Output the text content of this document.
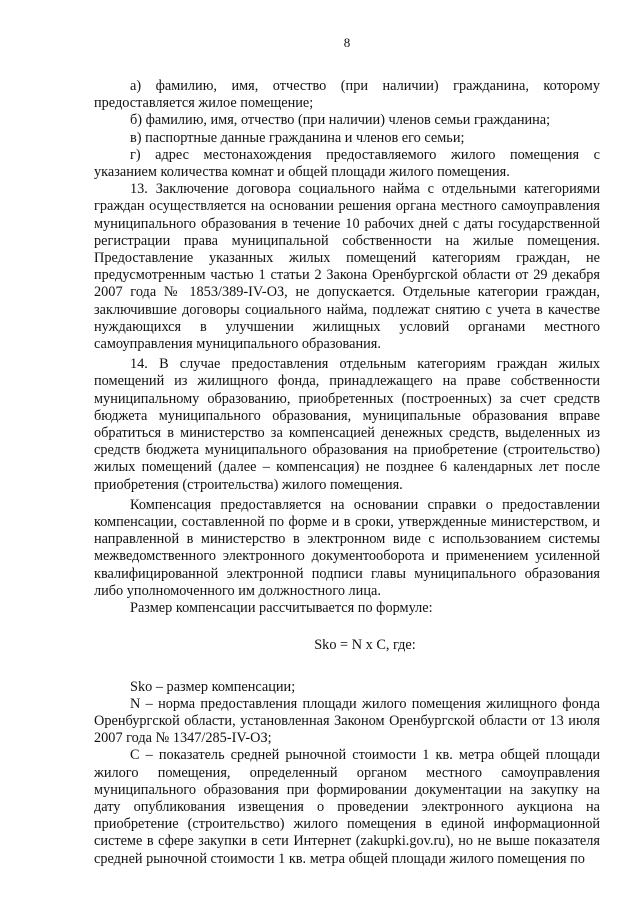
8

а) фамилию, имя, отчество (при наличии) гражданина, которому предоставляется жилое помещение;

б) фамилию, имя, отчество (при наличии) членов семьи гражданина;

в) паспортные данные гражданина и членов его семьи;

г) адрес местонахождения предоставляемого жилого помещения с указанием количества комнат и общей площади жилого помещения.

13. Заключение договора социального найма с отдельными категориями граждан осуществляется на основании решения органа местного самоуправления муниципального образования в течение 10 рабочих дней с даты государственной регистрации права муниципальной собственности на жилые помещения. Предоставление указанных жилых помещений категориям граждан, не предусмотренным частью 1 статьи 2 Закона Оренбургской области от 29 декабря 2007 года № 1853/389-IV-ОЗ, не допускается. Отдельные категории граждан, заключившие договоры социального найма, подлежат снятию с учета в качестве нуждающихся в улучшении жилищных условий органами местного самоуправления муниципального образования.

14. В случае предоставления отдельным категориям граждан жилых помещений из жилищного фонда, принадлежащего на праве собственности муниципальному образованию, приобретенных (построенных) за счет средств бюджета муниципального образования, муниципальные образования вправе обратиться в министерство за компенсацией денежных средств, выделенных из средств бюджета муниципального образования на приобретение (строительство) жилых помещений (далее – компенсация) не позднее 6 календарных лет после приобретения (строительства) жилого помещения.

Компенсация предоставляется на основании справки о предоставлении компенсации, составленной по форме и в сроки, утвержденные министерством, и направленной в министерство в электронном виде с использованием системы межведомственного электронного документооборота и применением усиленной квалифицированной электронной подписи главы муниципального образования либо уполномоченного им должностного лица.

Размер компенсации рассчитывается по формуле:

Sko = N x C, где:

Sko – размер компенсации;

N – норма предоставления площади жилого помещения жилищного фонда Оренбургской области, установленная Законом Оренбургской области от 13 июля 2007 года № 1347/285-IV-ОЗ;

C – показатель средней рыночной стоимости 1 кв. метра общей площади жилого помещения, определенный органом местного самоуправления муниципального образования при формировании документации на закупку на дату опубликования извещения о проведении электронного аукциона на приобретение (строительство) жилого помещения в единой информационной системе в сфере закупки в сети Интернет (zakupki.gov.ru), но не выше показателя средней рыночной стоимости 1 кв. метра общей площади жилого помещения по
